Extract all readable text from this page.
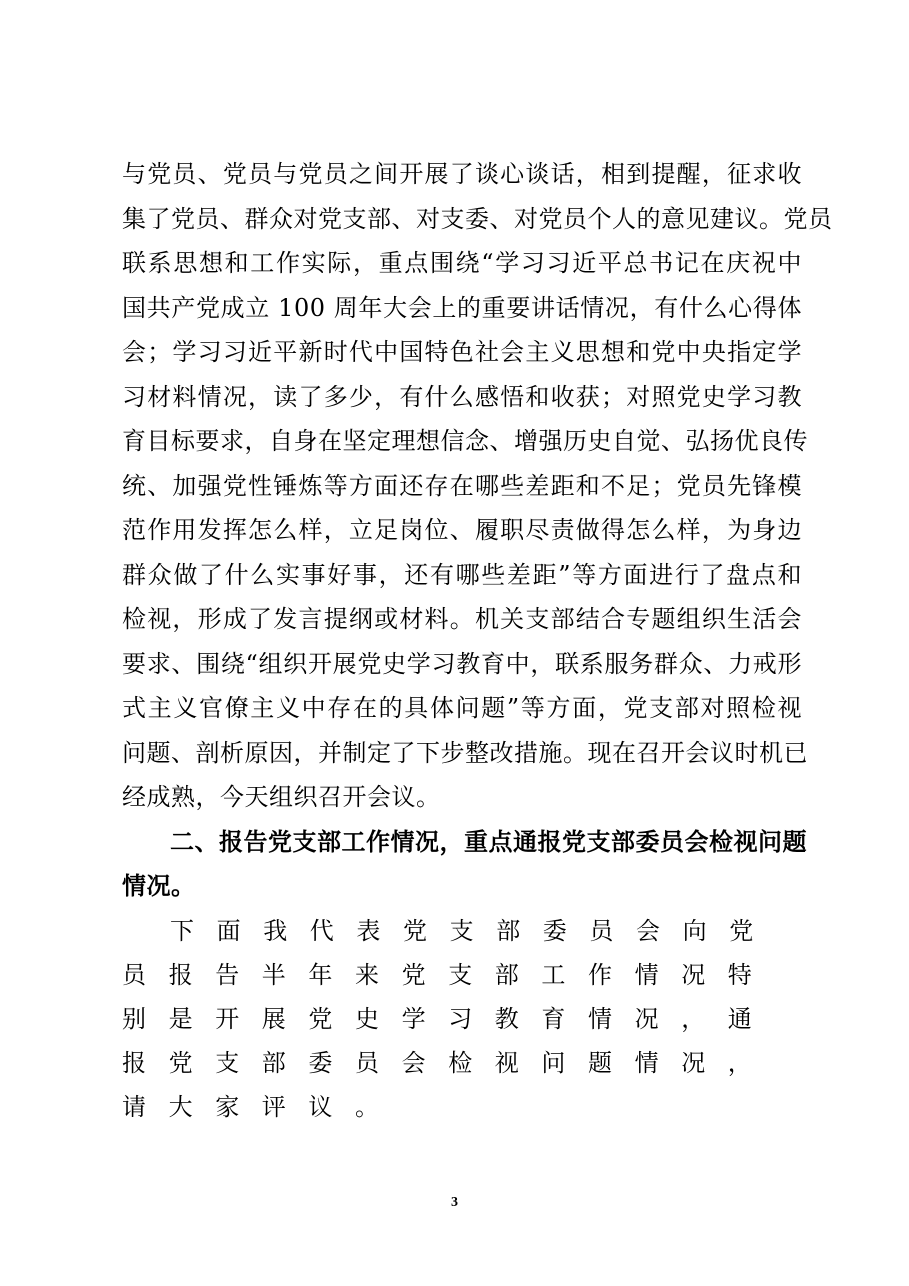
与党员、党员与党员之间开展了谈心谈话，相到提醒，征求收
集了党员、群众对党支部、对支委、对党员个人的意见建议。党员
联系思想和工作实际，重点围绕“学习习近平总书记在庆祝中
国共产党成立 100 周年大会上的重要讲话情况，有什么心得体
会；学习习近平新时代中国特色社会主义思想和党中央指定学
习材料情况，读了多少，有什么感悟和收获；对照党史学习教
育目标要求，自身在坚定理想信念、增强历史自觉、弘扬优良传
统、加强党性锤炼等方面还存在哪些差距和不足；党员先锋模
范作用发挥怎么样，立足岗位、履职尽责做得怎么样，为身边
群众做了什么实事好事，还有哪些差距”等方面进行了盘点和
检视，形成了发言提纲或材料。机关支部结合专题组织生活会
要求、围绕“组织开展党史学习教育中，联系服务群众、力戒形
式主义官僚主义中存在的具体问题”等方面，党支部对照检视
问题、剖析原因，并制定了下步整改措施。现在召开会议时机已
经成熟，今天组织召开会议。
二、报告党支部工作情况，重点通报党支部委员会检视问题
情况。
下面我代表党支部委员会向党
员报告半年来党支部工作情况特
别是开展党史学习教育情况，通
报党支部委员会检视问题情况，
请大家评议。
3
